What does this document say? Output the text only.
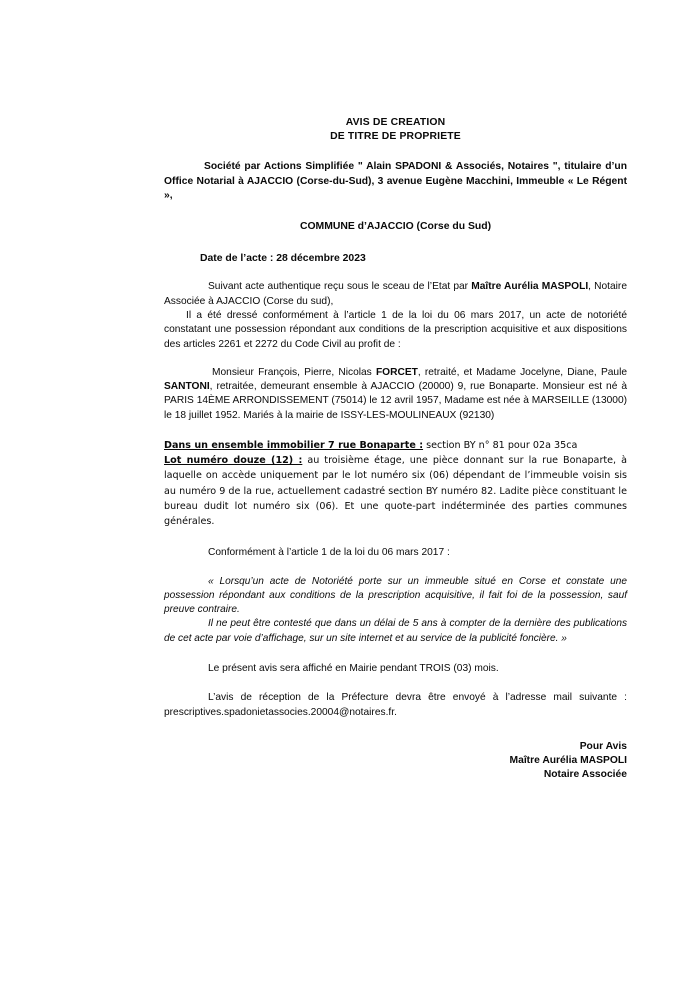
AVIS DE CREATION
DE TITRE DE PROPRIETE

Société par Actions Simplifiée " Alain SPADONI & Associés, Notaires ", titulaire d’un Office Notarial à AJACCIO (Corse-du-Sud), 3 avenue Eugène Macchini, Immeuble « Le Régent »,

COMMUNE d’AJACCIO (Corse du Sud)
Date de l’acte : 28 décembre 2023

Suivant acte authentique reçu sous le sceau de l’Etat par Maître Aurélia MASPOLI, Notaire Associée à AJACCIO (Corse du sud),

Il a été dressé conformément à l’article 1 de la loi du 06 mars 2017, un acte de notoriété constatant une possession répondant aux conditions de la prescription acquisitive et aux dispositions des articles 2261 et 2272 du Code Civil au profit de :

Monsieur François, Pierre, Nicolas FORCET, retraité, et Madame Jocelyne, Diane, Paule SANTONI, retraitée, demeurant ensemble à AJACCIO (20000) 9, rue Bonaparte. Monsieur est né à PARIS 14ÈME ARRONDISSEMENT (75014) le 12 avril 1957, Madame est née à MARSEILLE (13000) le 18 juillet 1952. Mariés à la mairie de ISSY-LES-MOULINEAUX (92130)

Dans un ensemble immobilier 7 rue Bonaparte : section BY n° 81 pour 02a 35ca

Lot numéro douze (12) : au troisième étage, une pièce donnant sur la rue Bonaparte, à laquelle on accède uniquement par le lot numéro six (06) dépendant de l’immeuble voisin sis au numéro 9 de la rue, actuellement cadastré section BY numéro 82. Ladite pièce constituant le bureau dudit lot numéro six (06). Et une quote-part indéterminée des parties communes générales.

Conformément à l’article 1 de la loi du 06 mars 2017 :

« Lorsqu’un acte de Notoriété porte sur un immeuble situé en Corse et constate une possession répondant aux conditions de la prescription acquisitive, il fait foi de la possession, sauf preuve contraire.

Il ne peut être contesté que dans un délai de 5 ans à compter de la dernière des publications de cet acte par voie d’affichage, sur un site internet et au service de la publicité foncière. »

Le présent avis sera affiché en Mairie pendant TROIS (03) mois.

L’avis de réception de la Préfecture devra être envoyé à l’adresse mail suivante : prescriptives.spadonietassocies.20004@notaires.fr.

Pour Avis
Maître Aurélia MASPOLI
Notaire Associée
